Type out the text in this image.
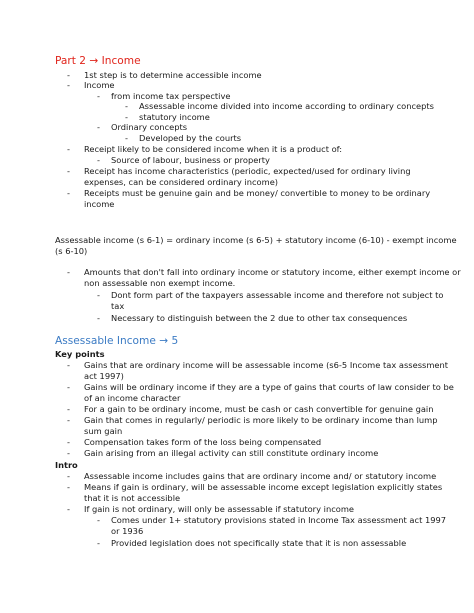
Part 2 → Income
- 1st step is to determine accessible income
- Income
- from income tax perspective
- Assessable income divided into income according to ordinary concepts
- statutory income
- Ordinary concepts
- Developed by the courts
- Receipt likely to be considered income when it is a product of:
- Source of labour, business or property
- Receipt has income characteristics (periodic, expected/used for ordinary living
expenses, can be considered ordinary income)
- Receipts must be genuine gain and be money/ convertible to money to be ordinary
income
Assessable income (s 6-1) = ordinary income (s 6-5) + statutory income (6-10) - exempt income
(s 6-10)
- Amounts that don't fall into ordinary income or statutory income, either exempt income or
non assessable non exempt income.
- Dont form part of the taxpayers assessable income and therefore not subject to
tax
- Necessary to distinguish between the 2 due to other tax consequences
Assessable Income → 5
Key points
- Gains that are ordinary income will be assessable income (s6-5 Income tax assessment
act 1997)
- Gains will be ordinary income if they are a type of gains that courts of law consider to be
of an income character
- For a gain to be ordinary income, must be cash or cash convertible for genuine gain
- Gain that comes in regularly/ periodic is more likely to be ordinary income than lump
sum gain
- Compensation takes form of the loss being compensated
- Gain arising from an illegal activity can still constitute ordinary income
Intro
- Assessable income includes gains that are ordinary income and/ or statutory income
- Means if gain is ordinary, will be assessable income except legislation explicitly states
that it is not accessible
- If gain is not ordinary, will only be assessable if statutory income
- Comes under 1+ statutory provisions stated in Income Tax assessment act 1997
or 1936
- Provided legislation does not specifically state that it is non assessable
